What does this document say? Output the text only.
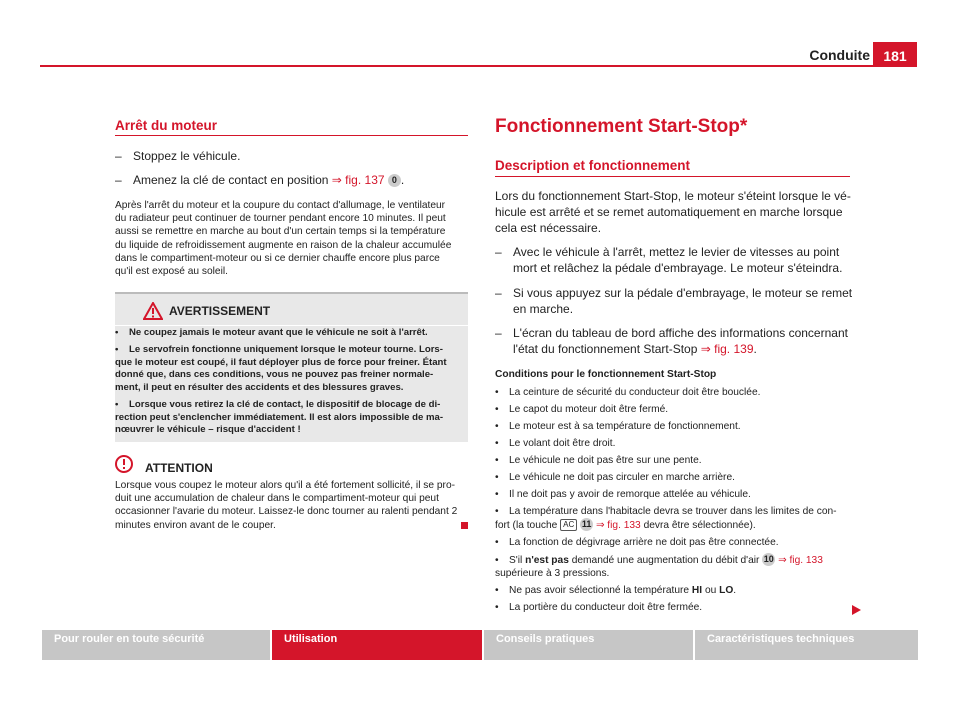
Conduite 181
Arrêt du moteur
– Stoppez le véhicule.
– Amenez la clé de contact en position ⇒ fig. 137 0 .
Après l'arrêt du moteur et la coupure du contact d'allumage, le ventilateur
du radiateur peut continuer de tourner pendant encore 10 minutes. Il peut
aussi se remettre en marche au bout d'un certain temps si la température
du liquide de refroidissement augmente en raison de la chaleur accumulée
dans le compartiment-moteur ou si ce dernier chauffe encore plus parce
qu'il est exposé au soleil.
AVERTISSEMENT
• Ne coupez jamais le moteur avant que le véhicule ne soit à l'arrêt.
• Le servofrein fonctionne uniquement lorsque le moteur tourne. Lors-
que le moteur est coupé, il faut déployer plus de force pour freiner. Étant
donné que, dans ces conditions, vous ne pouvez pas freiner normale-
ment, il peut en résulter des accidents et des blessures graves.
• Lorsque vous retirez la clé de contact, le dispositif de blocage de di-
rection peut s'enclencher immédiatement. Il est alors impossible de ma-
nœuvrer le véhicule – risque d'accident !
ATTENTION
Lorsque vous coupez le moteur alors qu'il a été fortement sollicité, il se pro-
duit une accumulation de chaleur dans le compartiment-moteur qui peut
occasionner l'avarie du moteur. Laissez-le donc tourner au ralenti pendant 2
minutes environ avant de le couper.
Fonctionnement Start-Stop*
Description et fonctionnement
Lors du fonctionnement Start-Stop, le moteur s'éteint lorsque le vé-
hicule est arrêté et se remet automatiquement en marche lorsque
cela est nécessaire.
– Avec le véhicule à l'arrêt, mettez le levier de vitesses au point
mort et relâchez la pédale d'embrayage. Le moteur s'éteindra.
– Si vous appuyez sur la pédale d'embrayage, le moteur se remet
en marche.
– L'écran du tableau de bord affiche des informations concernant
l'état du fonctionnement Start-Stop ⇒ fig. 139.
Conditions pour le fonctionnement Start-Stop
• La ceinture de sécurité du conducteur doit être bouclée.
• Le capot du moteur doit être fermé.
• Le moteur est à sa température de fonctionnement.
• Le volant doit être droit.
• Le véhicule ne doit pas être sur une pente.
• Le véhicule ne doit pas circuler en marche arrière.
• Il ne doit pas y avoir de remorque attelée au véhicule.
• La température dans l'habitacle devra se trouver dans les limites de con-
fort (la touche AC 11 ⇒ fig. 133 devra être sélectionnée).
• La fonction de dégivrage arrière ne doit pas être connectée.
• S'il n'est pas demandé une augmentation du débit d'air 10 ⇒ fig. 133
supérieure à 3 pressions.
• Ne pas avoir sélectionné la température HI ou LO.
• La portière du conducteur doit être fermée.
Pour rouler en toute sécurité	Utilisation	Conseils pratiques	Caractéristiques techniques
